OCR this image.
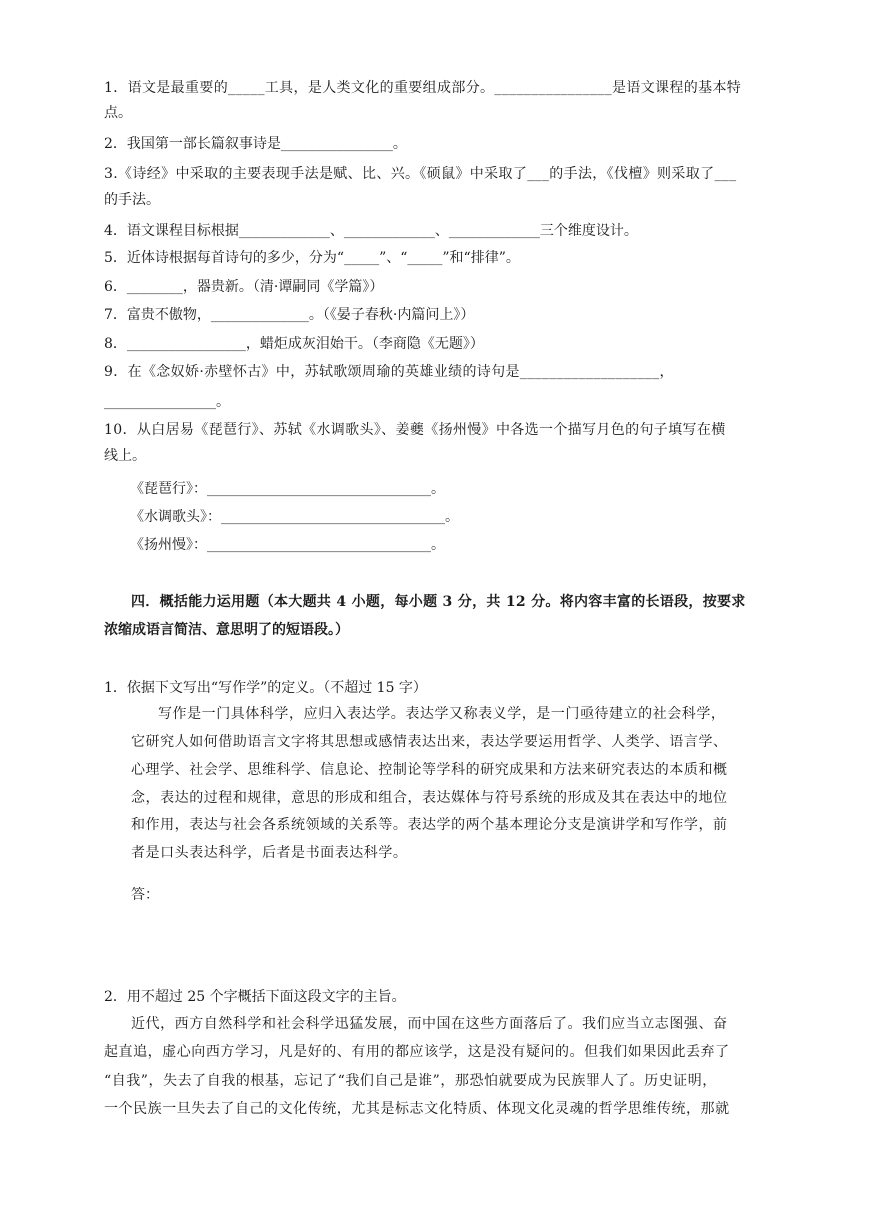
1．语文是最重要的_____工具，是人类文化的重要组成部分。________________是语文课程的基本特
点。
2．我国第一部长篇叙事诗是________________。
3.《诗经》中采取的主要表现手法是赋、比、兴。《硕鼠》中采取了___的手法，《伐檀》则采取了___
的手法。
4．语文课程目标根据_____________、_____________、_____________三个维度设计。
5．近体诗根据每首诗句的多少，分为“_____”、“_____”和“排律”。
6．________，器贵新。（清·谭嗣同《学篇》）
7．富贵不傲物，______________。（《晏子春秋·内篇问上》）
8．_________________，蜡炬成灰泪始干。（李商隐《无题》）
9．在《念奴娇·赤壁怀古》中，苏轼歌颂周瑜的英雄业绩的诗句是___________________，
________________。
10．从白居易《琵琶行》、苏轼《水调歌头》、姜夔《扬州慢》中各选一个描写月色的句子填写在横
线上。
《琵琶行》：________________________________。
《水调歌头》：________________________________。
《扬州慢》：________________________________。
四．概括能力运用题（本大题共 4 小题，每小题 3 分，共 12 分。将内容丰富的长语段，按要求
浓缩成语言简洁、意思明了的短语段。）
1．依据下文写出“写作学”的定义。（不超过 15 字）
写作是一门具体科学，应归入表达学。表达学又称表义学，是一门亟待建立的社会科学，
它研究人如何借助语言文字将其思想或感情表达出来，表达学要运用哲学、人类学、语言学、
心理学、社会学、思维科学、信息论、控制论等学科的研究成果和方法来研究表达的本质和概
念，表达的过程和规律，意思的形成和组合，表达媒体与符号系统的形成及其在表达中的地位
和作用，表达与社会各系统领域的关系等。表达学的两个基本理论分支是演讲学和写作学，前
者是口头表达科学，后者是书面表达科学。
答：
2．用不超过 25 个字概括下面这段文字的主旨。
近代，西方自然科学和社会科学迅猛发展，而中国在这些方面落后了。我们应当立志图强、奋
起直追，虚心向西方学习，凡是好的、有用的都应该学，这是没有疑问的。但我们如果因此丢弃了
“自我”，失去了自我的根基，忘记了“我们自己是谁”，那恐怕就要成为民族罪人了。历史证明，
一个民族一旦失去了自己的文化传统，尤其是标志文化特质、体现文化灵魂的哲学思维传统，那就
